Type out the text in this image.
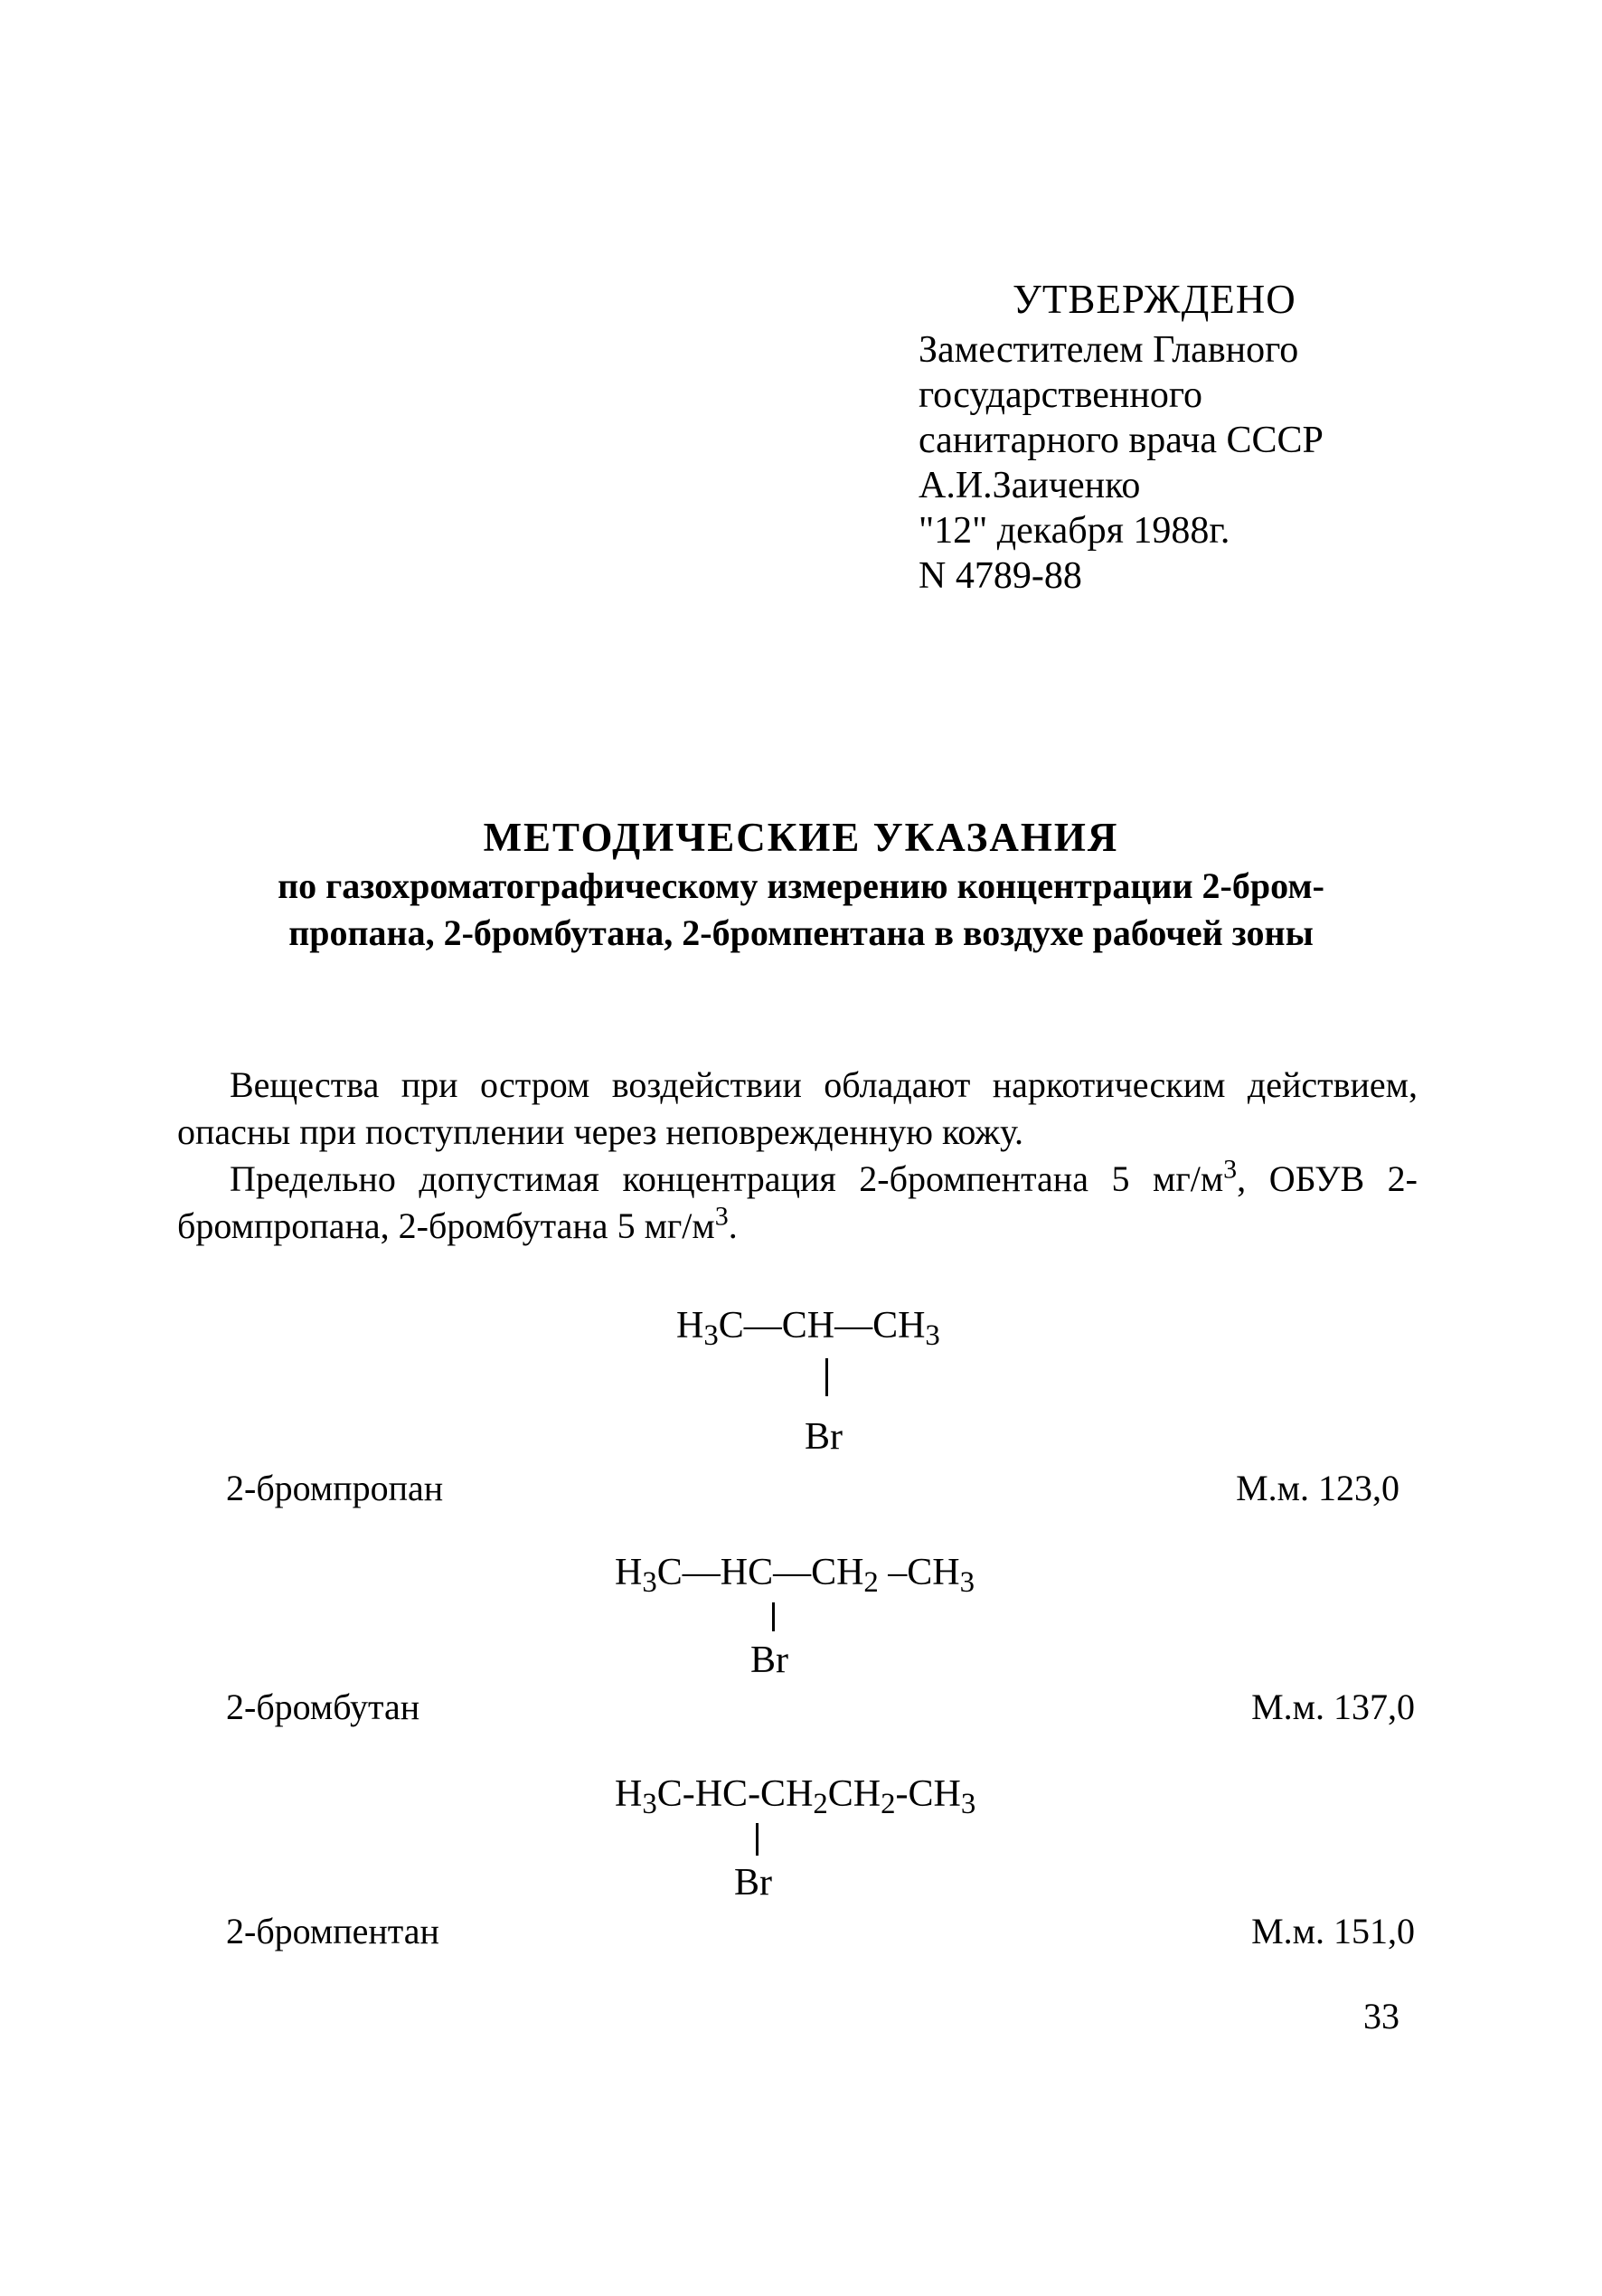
УТВЕРЖДЕНО
Заместителем Главного
государственного
санитарного врача СССР
А.И.Заиченко
"12" декабря 1988г.
N 4789-88
МЕТОДИЧЕСКИЕ УКАЗАНИЯ
по газохроматографическому измерению концентрации 2-бром-
пропана, 2-бромбутана, 2-бромпентана в воздухе рабочей зоны
Вещества при остром воздействии обладают наркотическим действием, опасны при поступлении через неповрежденную кожу.
Предельно допустимая концентрация 2-бромпентана 5 $мг/м^3$, ОБУВ 2-бромпропана, 2-бромбутана 5 $мг/м^3$.
H3C—CH—CH3
Br
2-бромпропан	М.м. 123,0
H3C—HC—CH2 –CH3
Br
2-бромбутан	М.м. 137,0
H3C-HC-CH2CH2-CH3
Br
2-бромпентан	М.м. 151,0
33
